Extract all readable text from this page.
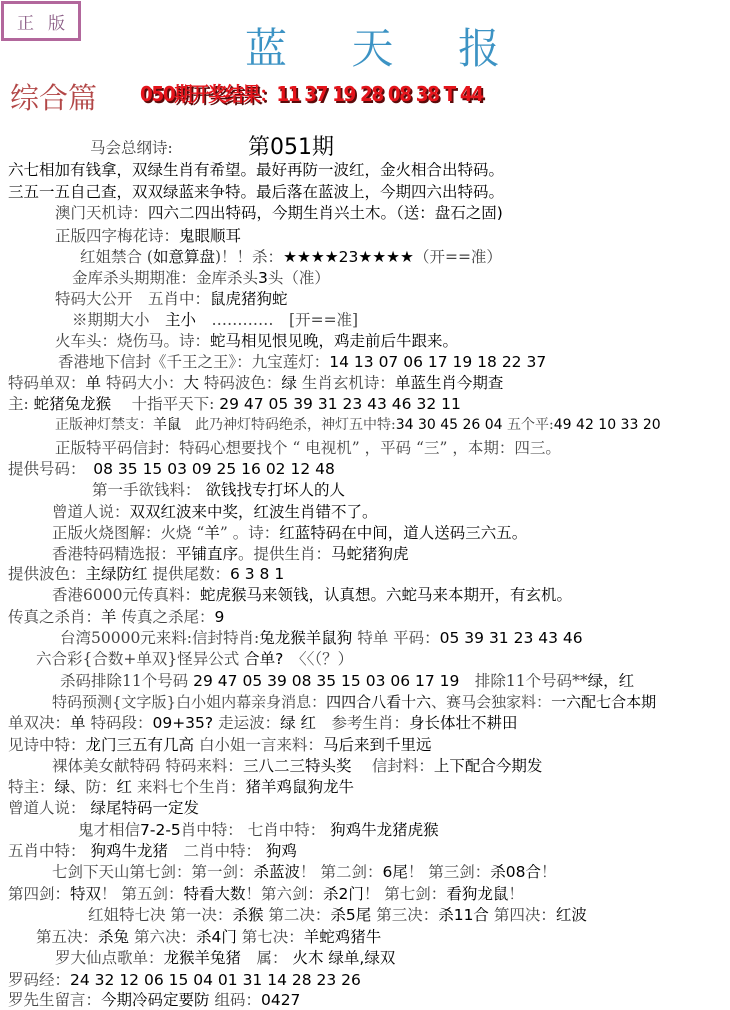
正 版
蓝 天 报
综合篇 050期开奖结果：11 37 19 28 08 38 T 44
第051期
马会总纲诗:
六七相加有钱拿，双绿生肖有希望。最好再防一波红，金火相合出特码。
三五一五自己查，双双绿蓝来争特。最后落在蓝波上，今期四六出特码。
澳门天机诗：四六二四出特码，今期生肖兴土木。（送：盘石之固)
正版四字梅花诗：鬼眼顺耳
红姐禁合 (如意算盘)！！杀：★★★★23★★★★（开==准）
金库杀头期期准：金库杀头3头（准）
特码大公开　五肖中：鼠虎猪狗蛇
※期期大小　主小　…………　[开==准]
火车头：烧伤马。诗：蛇马相见恨见晚，鸡走前后牛跟来。
香港地下信封《千王之王》：九宝莲灯：14 13 07 06 17 19 18 22 37
特码单双：单 特码大小：大 特码波色：绿 生肖玄机诗：单蓝生肖今期查
主: 蛇猪兔龙猴　 十指平天下: 29 47 05 39 31 23 43 46 32 11
正版神灯禁支：羊鼠　此乃神灯特码绝杀，神灯五中特:34 30 45 26 04 五个平:49 42 10 33 20
正版特平码信封：特码心想要找个 “ 电视机” ，平码 “三” ，本期：四三。
提供号码：　08 35 15 03 09 25 16 02 12 48
第一手欲钱料： 欲钱找专打坏人的人
曾道人说：双双红波来中奖，红波生肖错不了。
正版火烧图解：火烧 “羊” 。诗：红蓝特码在中间，道人送码三六五。
香港特码精选报：平铺直序。提供生肖：马蛇猪狗虎
提供波色：主绿防红 提供尾数：6 3 8 1
香港6000元传真料：蛇虎猴马来领钱，认真想。六蛇马来本期开，有玄机。
传真之杀肖：羊 传真之杀尾：9
台湾50000元来料:信封特肖:兔龙猴羊鼠狗 特单 平码：05 39 31 23 43 46
六合彩{合数+单双}怪异公式 合单?　〈〈（？）
杀码排除11个号码 29 47 05 39 08 35 15 03 06 17 19　排除11个号码**绿，红
特码预测{文字版}白小姐内幕亲身消息：四四合八看十六、赛马会独家料：一六配七合本期
单双决：单 特码段：09+35? 走运波：绿 红　参考生肖：身长体壮不耕田
见诗中特：龙门三五有几高 白小姐一言来料：马后来到千里远
裸体美女献特码 特码来料：三八二三特头奖　 信封料：上下配合今期发
特主：绿、防：红 来料七个生肖：猪羊鸡鼠狗龙牛
曾道人说： 绿尾特码一定发
鬼才相信7-2-5肖中特： 七肖中特： 狗鸡牛龙猪虎猴
五肖中特： 狗鸡牛龙猪　二肖中特： 狗鸡
七剑下天山第七剑：第一剑：杀蓝波！ 第二剑：6尾！ 第三剑：杀08合！
第四剑：特双！ 第五剑：特看大数！第六剑：杀2门！ 第七剑：看狗龙鼠！
红姐特七决 第一决：杀猴 第二决：杀5尾 第三决：杀11合 第四决：红波
第五决：杀兔 第六决：杀4门 第七决：羊蛇鸡猪牛
罗大仙点歌单：龙猴羊兔猪　属： 火木 绿单,绿双
罗码经：24 32 12 06 15 04 01 31 14 28 23 26
罗先生留言：今期冷码定要防 组码：0427
